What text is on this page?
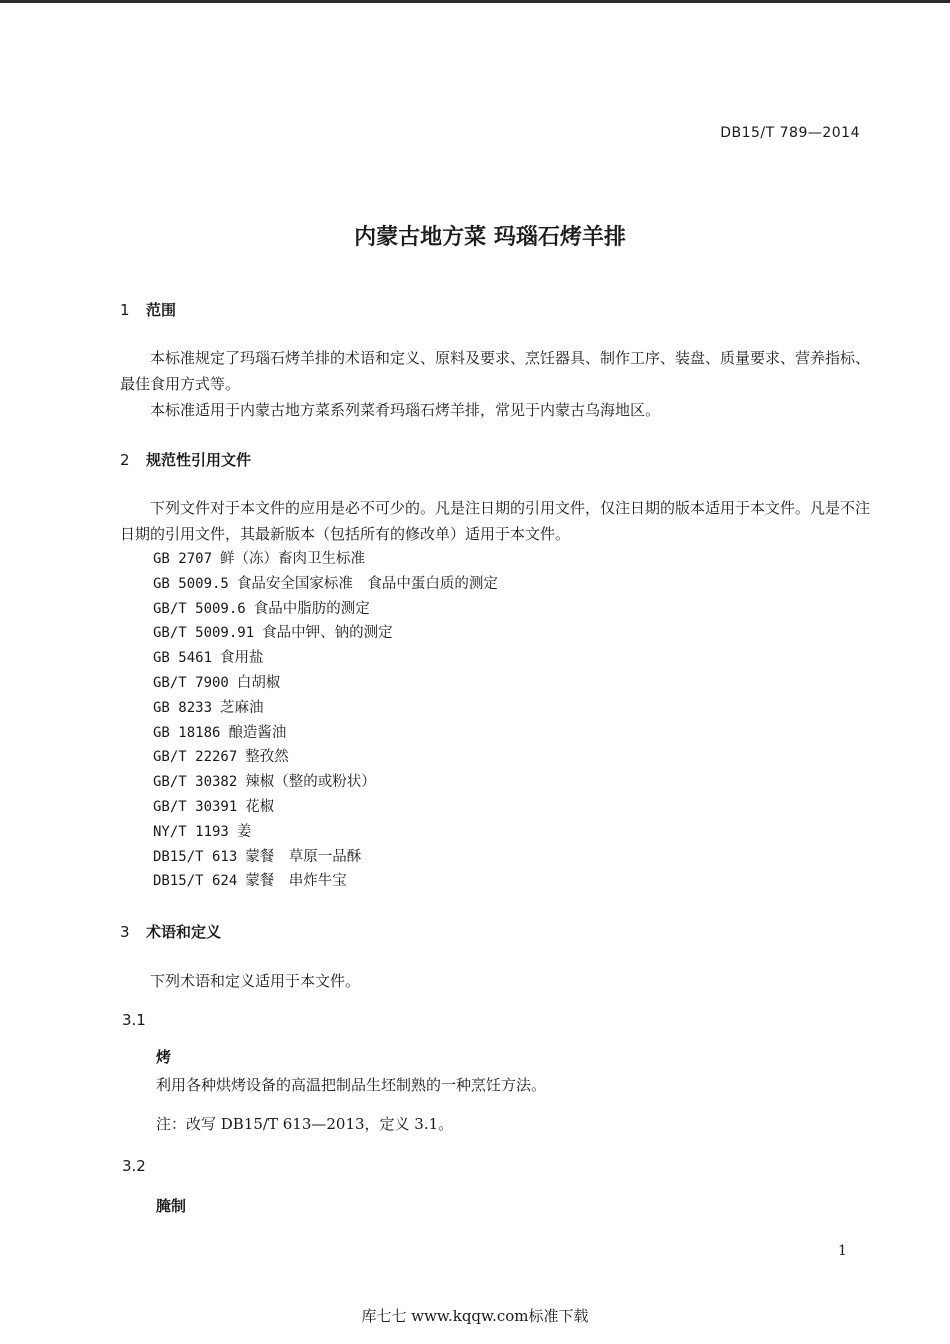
DB15/T 789—2014
内蒙古地方菜 玛瑙石烤羊排
1 范围
本标准规定了玛瑙石烤羊排的术语和定义、原料及要求、烹饪器具、制作工序、装盘、质量要求、营养指标、最佳食用方式等。
本标准适用于内蒙古地方菜系列菜肴玛瑙石烤羊排，常见于内蒙古乌海地区。
2 规范性引用文件
下列文件对于本文件的应用是必不可少的。凡是注日期的引用文件，仅注日期的版本适用于本文件。凡是不注日期的引用文件，其最新版本（包括所有的修改单）适用于本文件。
GB 2707 鲜（冻）畜肉卫生标准
GB 5009.5 食品安全国家标准　食品中蛋白质的测定
GB/T 5009.6 食品中脂肪的测定
GB/T 5009.91 食品中钾、钠的测定
GB 5461 食用盐
GB/T 7900 白胡椒
GB 8233 芝麻油
GB 18186 酿造酱油
GB/T 22267 整孜然
GB/T 30382 辣椒（整的或粉状）
GB/T 30391 花椒
NY/T 1193 姜
DB15/T 613 蒙餐　草原一品酥
DB15/T 624 蒙餐　串炸牛宝
3 术语和定义
下列术语和定义适用于本文件。
3.1
烤
利用各种烘烤设备的高温把制品生坯制熟的一种烹饪方法。
注：改写 DB15/T 613—2013，定义 3.1。
3.2
腌制
1
库七七 www.kqqw.com标准下载
